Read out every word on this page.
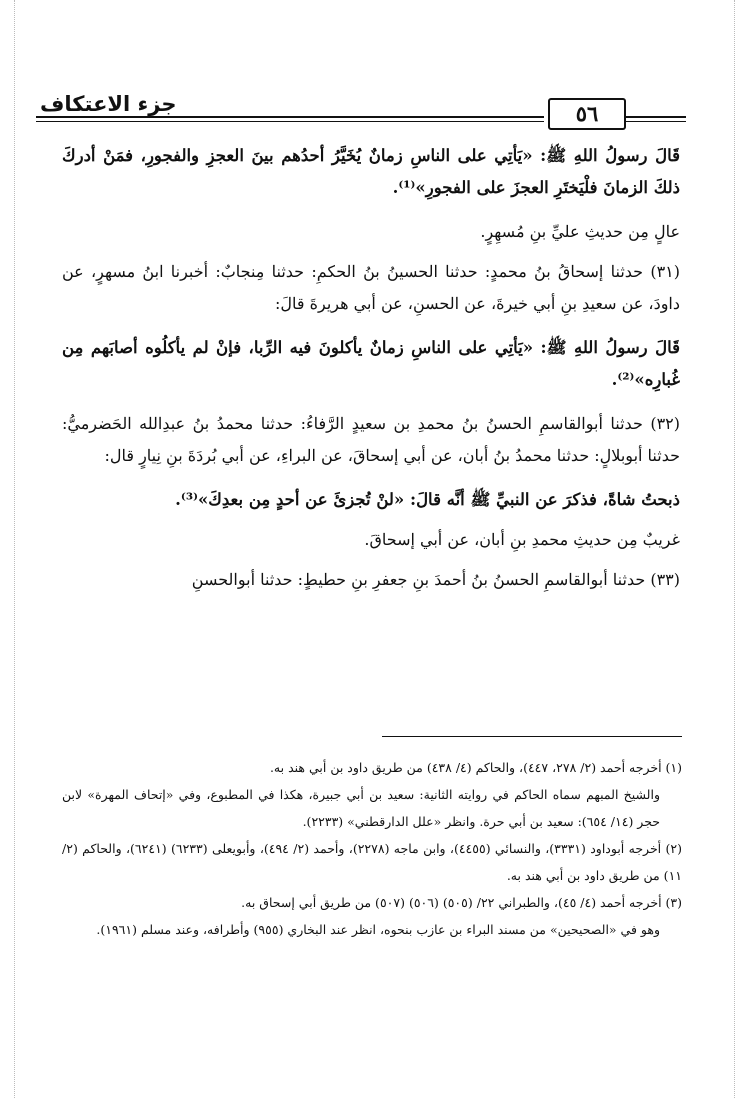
جزء الاعتكاف	٥٦

قَالَ رسولُ اللهِ ﷺ: «يَأتِي على الناسِ زمانٌ يُخَيَّرُ أحدُهم بينَ العجزِ والفجورِ، فمَنْ أدركَ ذلكَ الزمانَ فلْيَختَرِ العجزَ على الفجورِ»⁽¹⁾.

عالٍ مِن حديثِ عليِّ بنِ مُسهِرٍ.

(٣١) حدثنا إسحاقُ بنُ محمدٍ: حدثنا الحسينُ بنُ الحكمِ: حدثنا مِنجابٌ: أخبرنا ابنُ مسهرٍ، عن داودَ، عن سعيدِ بنِ أبي خيرةَ، عن الحسنِ، عن أبي هريرةَ قالَ:

قَالَ رسولُ اللهِ ﷺ: «يَأتِي على الناسِ زمانٌ يأكلونَ فيه الرِّبا، فإنْ لم يأكلُوه أصابَهم مِن غُبارِه»⁽²⁾.

(٣٢) حدثنا أبوالقاسمِ الحسنُ بنُ محمدِ بن سعيدٍ الرَّفاءُ: حدثنا محمدُ بنُ عبدِالله الحَضرميُّ: حدثنا أبوبلالٍ: حدثنا محمدُ بنُ أبان، عن أبي إسحاقَ، عن البراءِ، عن أبي بُردَةَ بنِ نِيارٍ قال:

ذبحتُ شاةً، فذكرَ عن النبيِّ ﷺ أنَّه قالَ: «لنْ تُجزئَ عن أحدٍ مِن بعدِكَ»⁽³⁾.

غريبٌ مِن حديثِ محمدِ بنِ أبان، عن أبي إسحاقَ.

(٣٣) حدثنا أبوالقاسمِ الحسنُ بنُ أحمدَ بنِ جعفرِ بنِ حطيطٍ: حدثنا أبوالحسنِ

(١) أخرجه أحمد (٢/ ٢٧٨، ٤٤٧)، والحاكم (٤/ ٤٣٨) من طريق داود بن أبي هند به.

والشيخ المبهم سماه الحاكم في روايته الثانية: سعيد بن أبي جبيرة، هكذا في المطبوع، وفي «إتحاف المهرة» لابن حجر (١٤/ ٦٥٤): سعيد بن أبي حرة. وانظر «علل الدارقطني» (٢٢٣٣).

(٢) أخرجه أبوداود (٣٣٣١)، والنسائي (٤٤٥٥)، وابن ماجه (٢٢٧٨)، وأحمد (٢/ ٤٩٤)، وأبويعلى (٦٢٣٣) (٦٢٤١)، والحاكم (٢/ ١١) من طريق داود بن أبي هند به.

(٣) أخرجه أحمد (٤/ ٤٥)، والطبراني ٢٢/ (٥٠٥) (٥٠٦) (٥٠٧) من طريق أبي إسحاق به.

وهو في «الصحيحين» من مسند البراء بن عازب بنحوه، انظر عند البخاري (٩٥٥) وأطرافه، وعند مسلم (١٩٦١).
